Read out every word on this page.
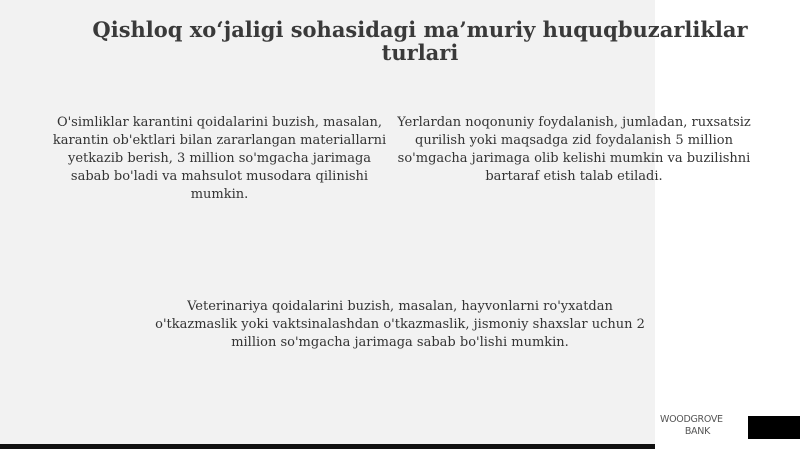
Qishloq xo‘jaligi sohasidagi ma’muriy huquqbuzarliklar turlari

O'simliklar karantini qoidalarini buzish, masalan, karantin ob'ektlari bilan zararlangan materiallarni yetkazib berish, 3 million so'mgacha jarimaga sabab bo'ladi va mahsulot musodara qilinishi mumkin.

Yerlardan noqonuniy foydalanish, jumladan, ruxsatsiz qurilish yoki maqsadga zid foydalanish 5 million so'mgacha jarimaga olib kelishi mumkin va buzilishni bartaraf etish talab etiladi.

Veterinariya qoidalarini buzish, masalan, hayvonlarni ro'yxatdan o'tkazmaslik yoki vaktsinalashdan o'tkazmaslik, jismoniy shaxslar uchun 2 million so'mgacha jarimaga sabab bo'lishi mumkin.

WOODGROVE
BANK
